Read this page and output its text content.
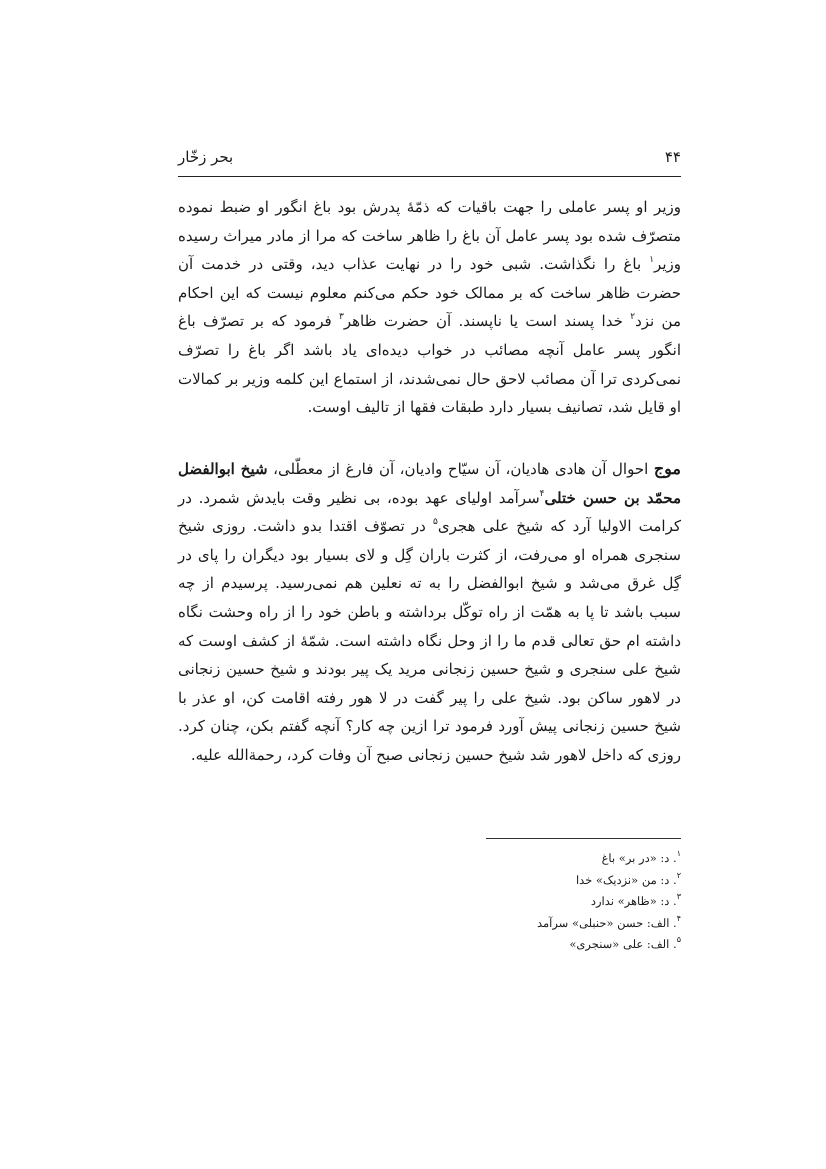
۴۴
بحر زخّار

وزیر او پسر عاملی را جهت باقیات که ذمّهٔ پدرش بود باغ انگور او ضبط نموده متصرّف شده بود پسر عامل آن باغ را ظاهر ساخت که مرا از مادر میراث رسیده وزیر$^۱$ باغ را نگذاشت. شبی خود را در نهایت عذاب دید، وقتی در خدمت آن حضرت ظاهر ساخت که بر ممالک خود حکم می‌کنم معلوم نیست که این احکام من نزد$^۲$ خدا پسند است یا ناپسند. آن حضرت ظاهر$^۳$ فرمود که بر تصرّف باغ انگور پسر عامل آنچه مصائب در خواب دیده‌ای یاد باشد اگر باغ را تصرّف نمی‌کردی ترا آن مصائب لاحق حال نمی‌شدند، از استماع این کلمه وزیر بر کمالات او قایل شد، تصانیف بسیار دارد طبقات فقها از تالیف اوست.

موج احوال آن هادی هادیان، آن سیّاح وادیان، آن فارغ از معطّلی، شیخ ابوالفضل محمّد بن حسن ختلی$^۴$سرآمد اولیای عهد بوده، بی نظیر وقت بایدش شمرد. در کرامت الاولیا آرد که شیخ علی هجری$^۵$ در تصوّف اقتدا بدو داشت. روزی شیخ سنجری همراه او می‌رفت، از کثرت باران گِل و لای بسیار بود دیگران را پای در گِل غرق می‌شد و شیخ ابوالفضل را به ته نعلین هم نمی‌رسید. پرسیدم از چه سبب باشد تا پا به همّت از راه توکّل برداشته و باطن خود را از راه وحشت نگاه داشته ام حق تعالی قدم ما را از وحل نگاه داشته است. شمّهٔ از کشف اوست که شیخ علی سنجری و شیخ حسین زنجانی مرید یک پیر بودند و شیخ حسین زنجانی در لاهور ساکن بود. شیخ علی را پیر گفت در لا هور رفته اقامت کن، او عذر با شیخ حسین زنجانی پیش آورد فرمود ترا ازین چه کار؟ آنچه گفتم بکن، چنان کرد. روزی که داخل لاهور شد شیخ حسین زنجانی صبح آن وفات کرد، رحمةالله علیه.

$^۱$. د: «در بر» باغ
$^۲$. د: من «نزدیک» خدا
$^۳$. د: «ظاهر» ندارد
$^۴$. الف: حسن «حنبلی» سرآمد
$^۵$. الف: علی «سنجری»
